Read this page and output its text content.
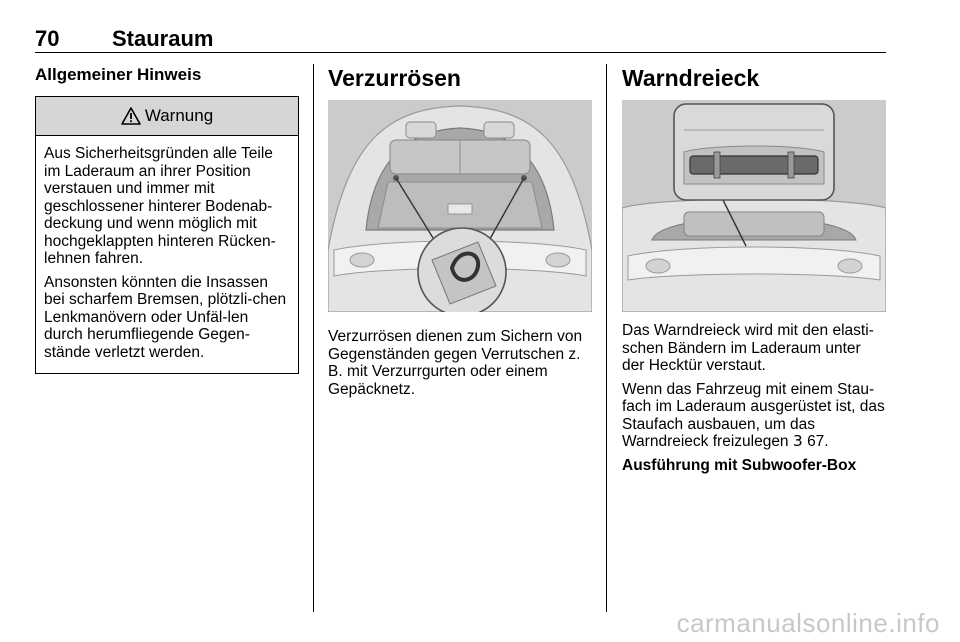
70 Stauraum
Allgemeiner Hinweis
Warnung

Aus Sicherheitsgründen alle Teile im Laderaum an ihrer Position verstauen und immer mit geschlossener hinterer Bodenab-deckung und wenn möglich mit hochgeklappten hinteren Rücken-lehnen fahren.

Ansonsten könnten die Insassen bei scharfem Bremsen, plötzli-chen Lenkmanövern oder Unfäl-len durch herumfliegende Gegen-stände verletzt werden.

Verzurrösen

Verzurrösen dienen zum Sichern von Gegenständen gegen Verrutschen z. B. mit Verzurrgurten oder einem Gepäcknetz.

Warndreieck

Das Warndreieck wird mit den elasti-schen Bändern im Laderaum unter der Hecktür verstaut.

Wenn das Fahrzeug mit einem Stau-fach im Laderaum ausgerüstet ist, das Staufach ausbauen, um das Warndreieck freizulegen 3 67.

Ausführung mit Subwoofer-Box

carmanualsonline.info
